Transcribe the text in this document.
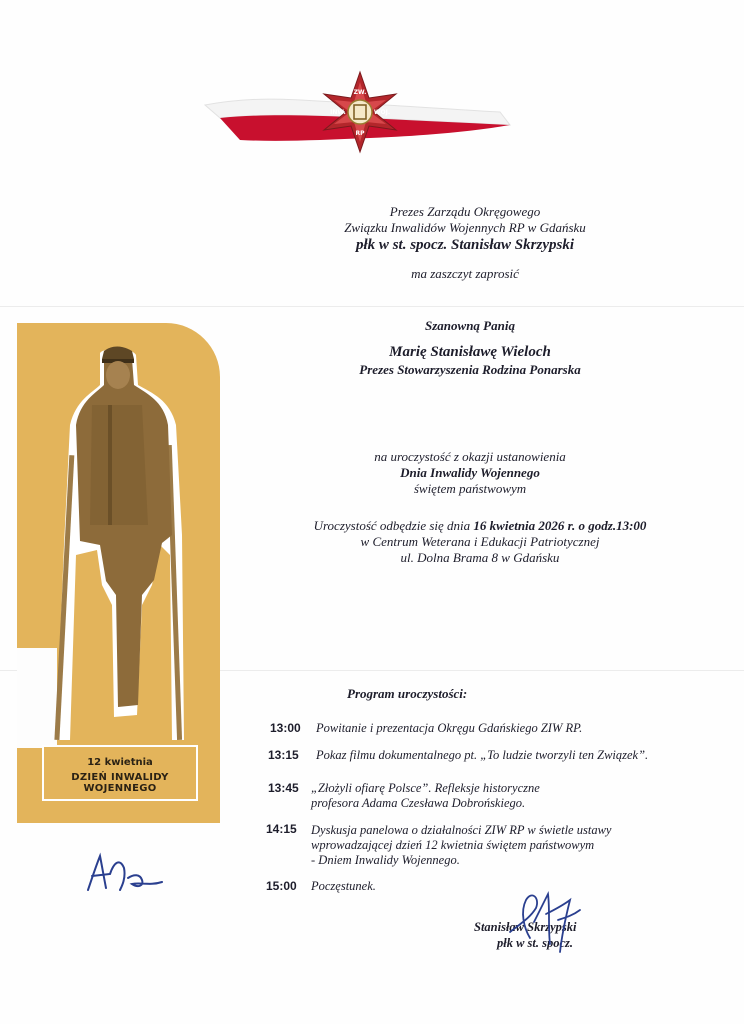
ZW.
INW.	WOJ.
RP
Prezes Zarządu Okręgowego
Związku Inwalidów Wojennych RP w Gdańsku
płk w st. spocz. Stanisław Skrzypski
ma zaszczyt zaprosić
Szanowną Panią
Marię Stanisławę Wieloch
Prezes Stowarzyszenia Rodzina Ponarska
na uroczystość z okazji ustanowienia
Dnia Inwalidy Wojennego
świętem państwowym
Uroczystość odbędzie się dnia 16 kwietnia 2026 r. o godz.13:00
w Centrum Weterana i Edukacji Patriotycznej
ul. Dolna Brama 8 w Gdańsku
12 kwietnia
DZIEŃ INWALIDY WOJENNEGO
Program uroczystości:
13:00 Powitanie i prezentacja Okręgu Gdańskiego ZIW RP.
13:15 Pokaz filmu dokumentalnego pt. „To ludzie tworzyli ten Związek”.
13:45 „Złożyli ofiarę Polsce”. Refleksje historyczne
profesora Adama Czesława Dobrońskiego.
14:15 Dyskusja panelowa o działalności ZIW RP w świetle ustawy
wprowadzającej dzień 12 kwietnia świętem państwowym
- Dniem Inwalidy Wojennego.
15:00 Poczęstunek.
Stanisław Skrzypski
płk w st. spocz.
